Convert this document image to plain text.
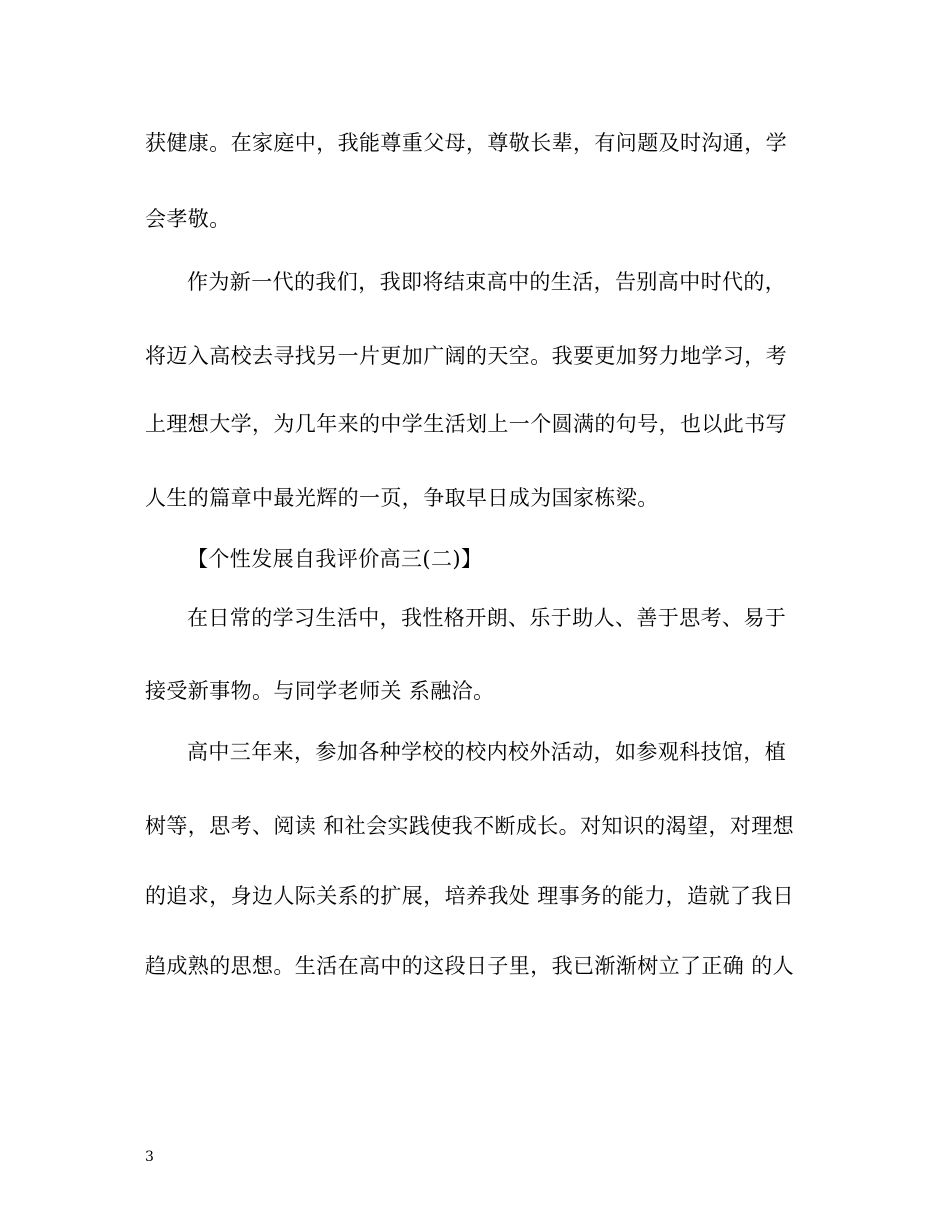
获健康。在家庭中，我能尊重父母，尊敬长辈，有问题及时沟通，学
会孝敬。
作为新一代的我们，我即将结束高中的生活，告别高中时代的，
将迈入高校去寻找另一片更加广阔的天空。我要更加努力地学习，考
上理想大学，为几年来的中学生活划上一个圆满的句号，也以此书写
人生的篇章中最光辉的一页，争取早日成为国家栋梁。
【个性发展自我评价高三(二)】
在日常的学习生活中，我性格开朗、乐于助人、善于思考、易于
接受新事物。与同学老师关 系融洽。
高中三年来，参加各种学校的校内校外活动，如参观科技馆，植
树等，思考、阅读 和社会实践使我不断成长。对知识的渴望，对理想
的追求，身边人际关系的扩展，培养我处 理事务的能力，造就了我日
趋成熟的思想。生活在高中的这段日子里，我已渐渐树立了正确 的人
3
